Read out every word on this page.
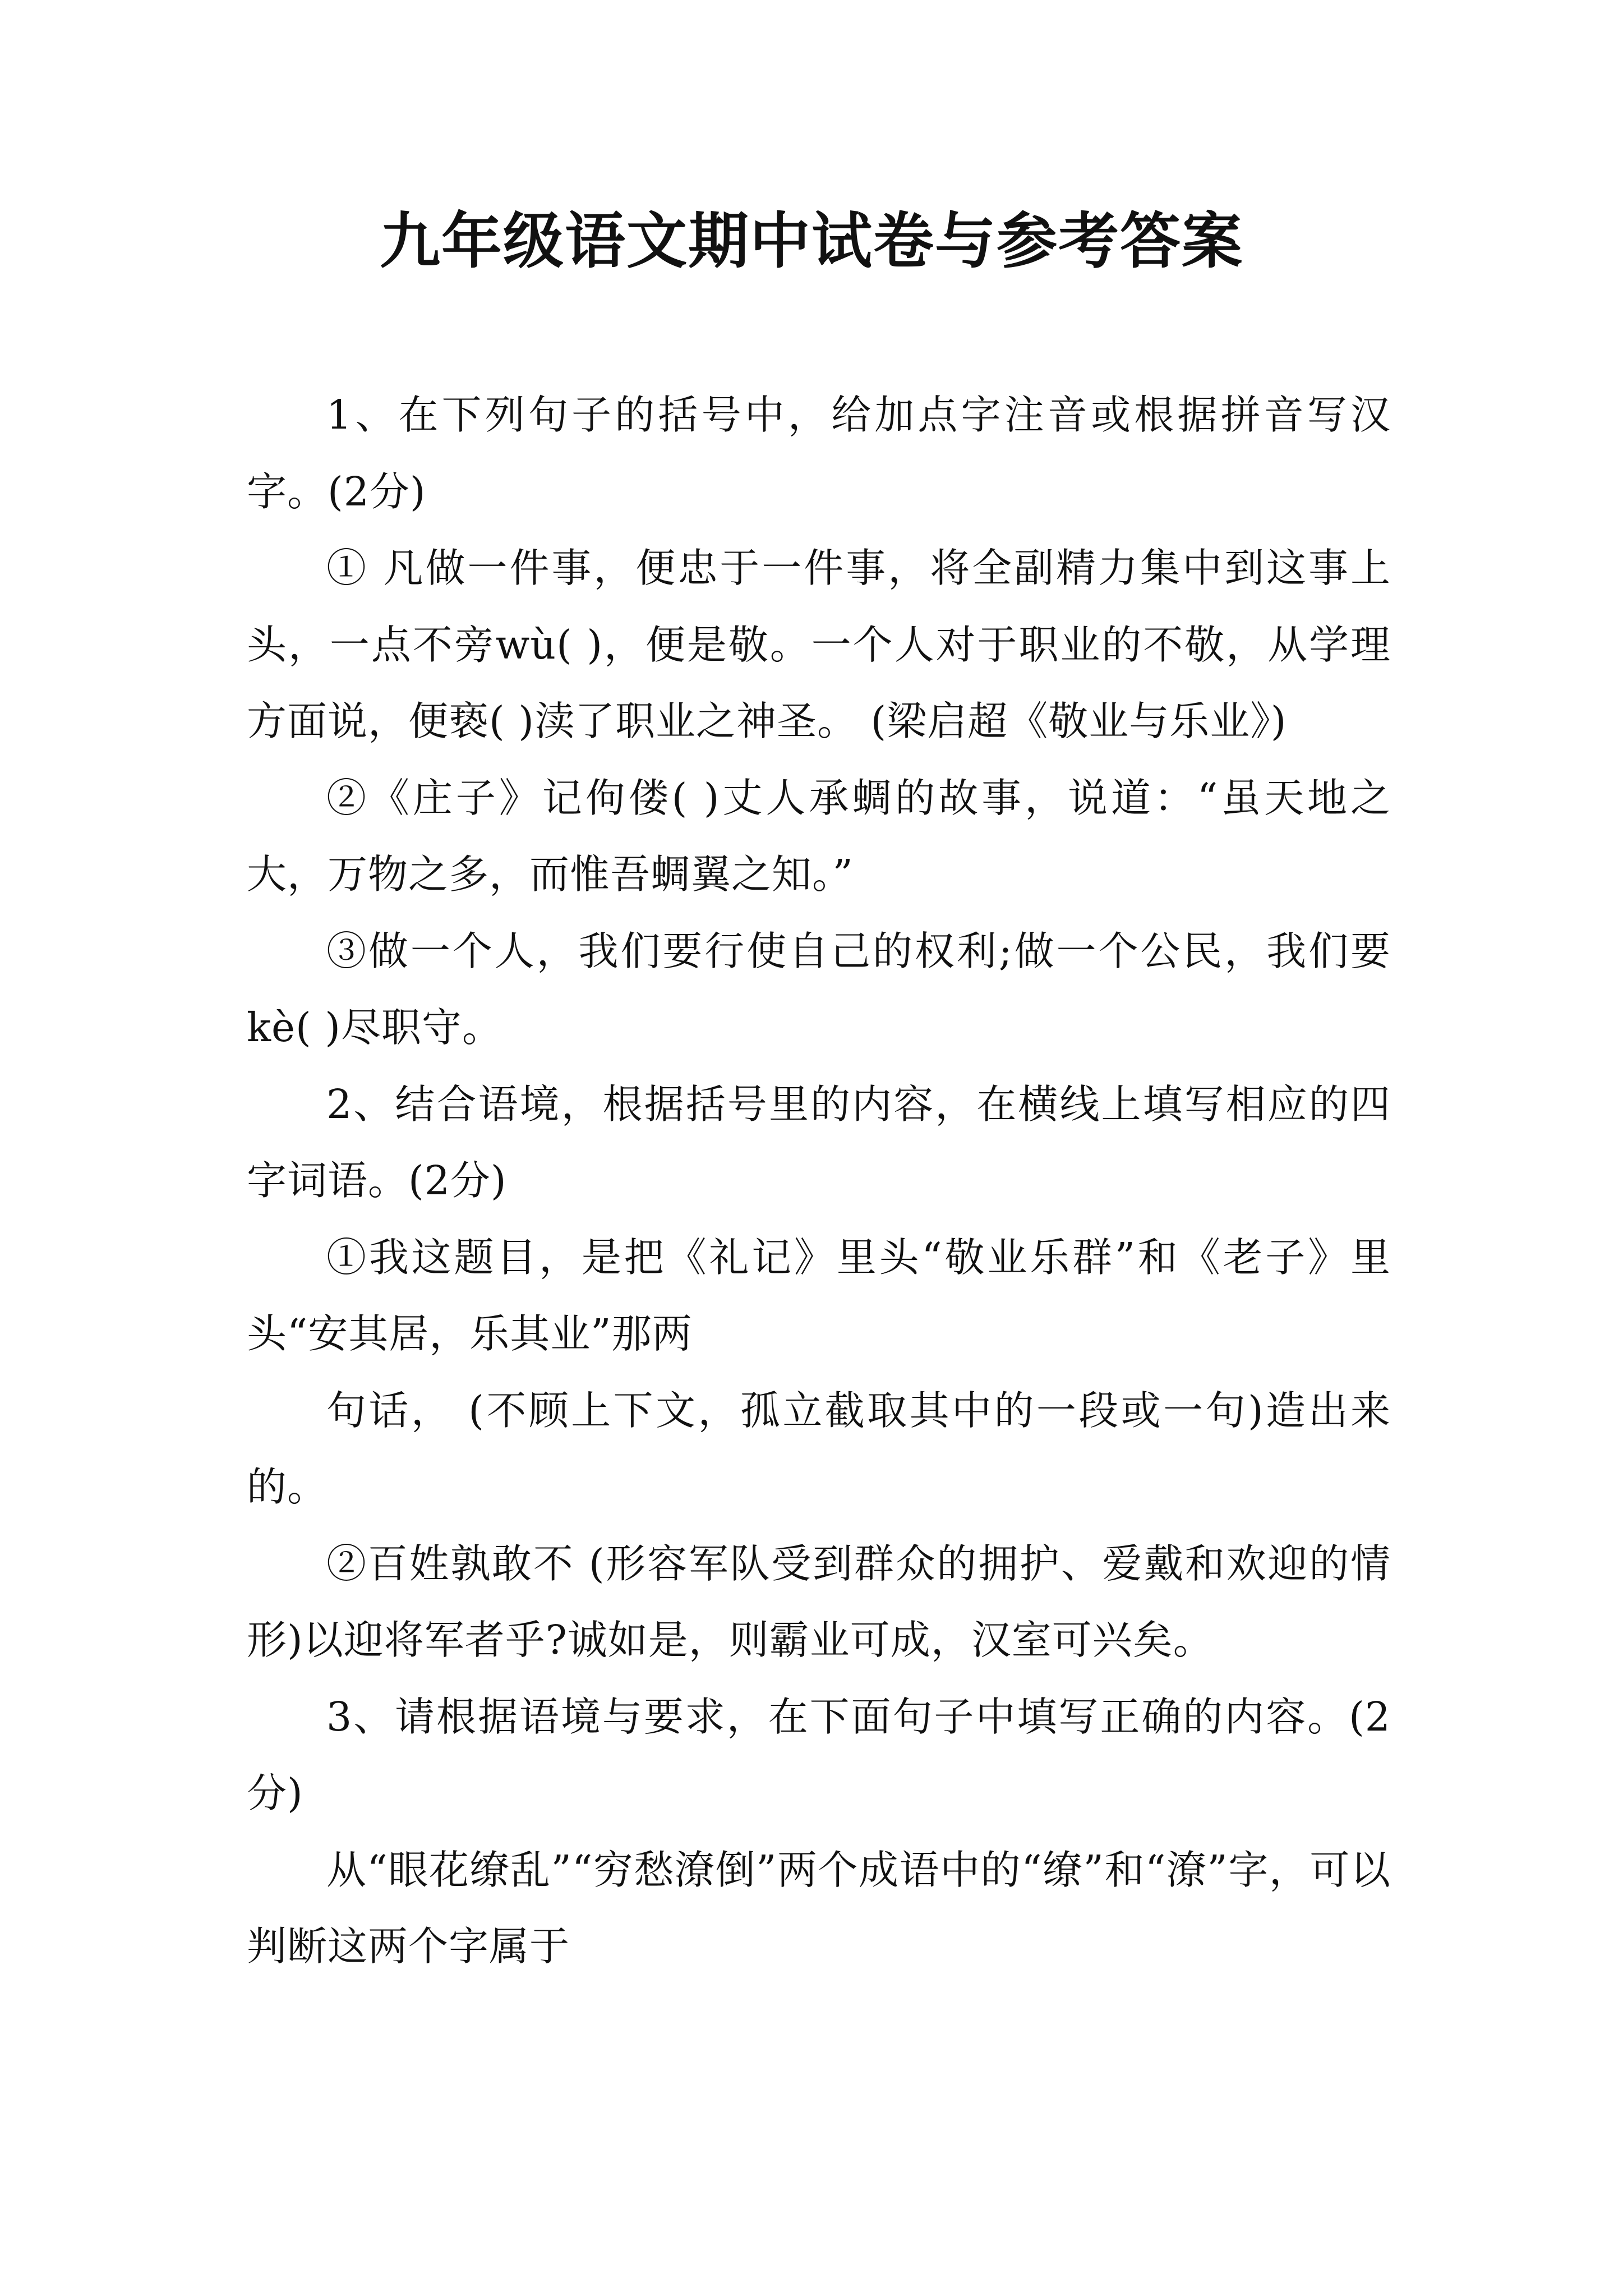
九年级语文期中试卷与参考答案

1、在下列句子的括号中，给加点字注音或根据拼音写汉字。(2分)

① 凡做一件事，便忠于一件事，将全副精力集中到这事上头，一点不旁wù( )，便是敬。一个人对于职业的不敬，从学理方面说，便亵( )渎了职业之神圣。 (梁启超《敬业与乐业》)

②《庄子》记佝偻( )丈人承蜩的故事，说道：“虽天地之大，万物之多，而惟吾蜩翼之知。”

③做一个人，我们要行使自己的权利;做一个公民，我们要kè( )尽职守。

2、结合语境，根据括号里的内容，在横线上填写相应的四字词语。(2分)

①我这题目，是把《礼记》里头“敬业乐群”和《老子》里头“安其居，乐其业”那两

句话， (不顾上下文，孤立截取其中的一段或一句)造出来的。

②百姓孰敢不 (形容军队受到群众的拥护、爱戴和欢迎的情形)以迎将军者乎?诚如是，则霸业可成，汉室可兴矣。

3、请根据语境与要求，在下面句子中填写正确的内容。(2分)

从“眼花缭乱”“穷愁潦倒”两个成语中的“缭”和“潦”字，可以判断这两个字属于
